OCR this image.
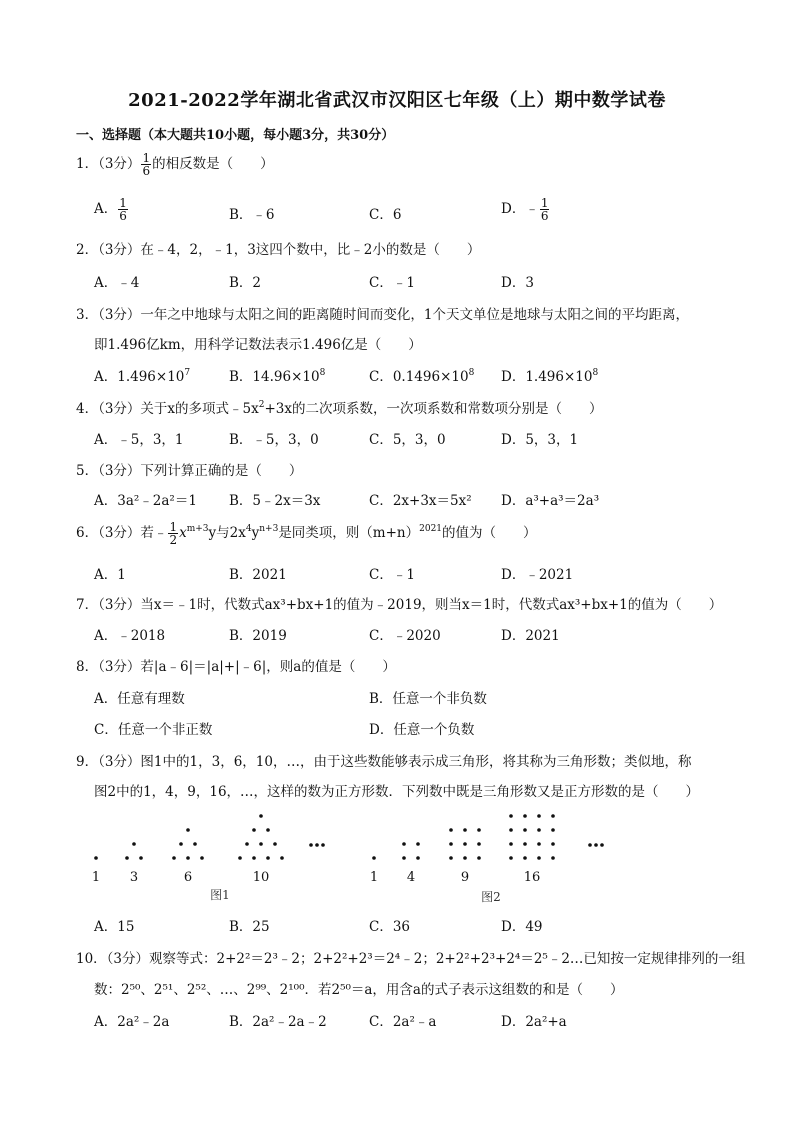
2021-2022学年湖北省武汉市汉阳区七年级（上）期中数学试卷
一、选择题（本大题共10小题，每小题3分，共30分）
1．（3分） $\frac{1}{6}$ 的相反数是（　　）
A． $\frac{1}{6}$	B．﹣6	C．6	D．﹣ $\frac{1}{6}$
2．（3分）在﹣4，2，﹣1，3这四个数中，比﹣2小的数是（　　）
A．﹣4	B．2	C．﹣1	D．3
3．（3分）一年之中地球与太阳之间的距离随时间而变化，1个天文单位是地球与太阳之间的平均距离，
即1.496亿km，用科学记数法表示1.496亿是（　　）
A．$1.496\times 10^7$	B．$14.96\times 10^8$	C．$0.1496\times 10^8$ D．$1.496\times 10^8$
4．（3分）关于x的多项式$﹣5x^2+3x$的二次项系数，一次项系数和常数项分别是（　　）
A．﹣5，3，1	B．﹣5，3，0	C．5，3，0	D．5，3，1
5．（3分）下列计算正确的是（　　）
A．3a²﹣2a²＝1 B．5﹣2x＝3x	C．2x+3x＝5x² D．a³+a³＝2a³
6．（3分）若﹣ $\frac{1}{2} x^{m+3}y$与$2x^4y^{n+3}$是同类项，则$(m+n)^{2021}$的值为（　　）
A．1	B．2021	C．﹣1	D．﹣2021
7．（3分）当x＝﹣1时，代数式ax³+bx+1的值为﹣2019，则当x＝1时，代数式ax³+bx+1的值为（　　）
A．﹣2018	B．2019	C．﹣2020	D．2021
8．（3分）若|a﹣6|＝|a|+|﹣6|，则a的值是（　　）
A．任意有理数	B．任意一个非负数
C．任意一个非正数	D．任意一个负数
9．（3分）图1中的1，3，6，10，…，由于这些数能够表示成三角形，将其称为三角形数；类似地，称
图2中的1，4，9，16，…，这样的数为正方形数．下列数中既是三角形数又是正方形数的是（　　）
1 3	6	10
图1
1 4	9	16
图2
A．15	B．25	C．36	D．49
10．（3分）观察等式：2+2²＝2³﹣2；2+2²+2³＝2⁴﹣2；2+2²+2³+2⁴＝2⁵﹣2…已知按一定规律排列的一组
数：2⁵⁰、2⁵¹、2⁵²、…、2⁹⁹、2¹⁰⁰．若2⁵⁰＝a，用含a的式子表示这组数的和是（　　）
A．2a²﹣2a	B．2a²﹣2a﹣2	C．2a²﹣a	D．2a²+a
